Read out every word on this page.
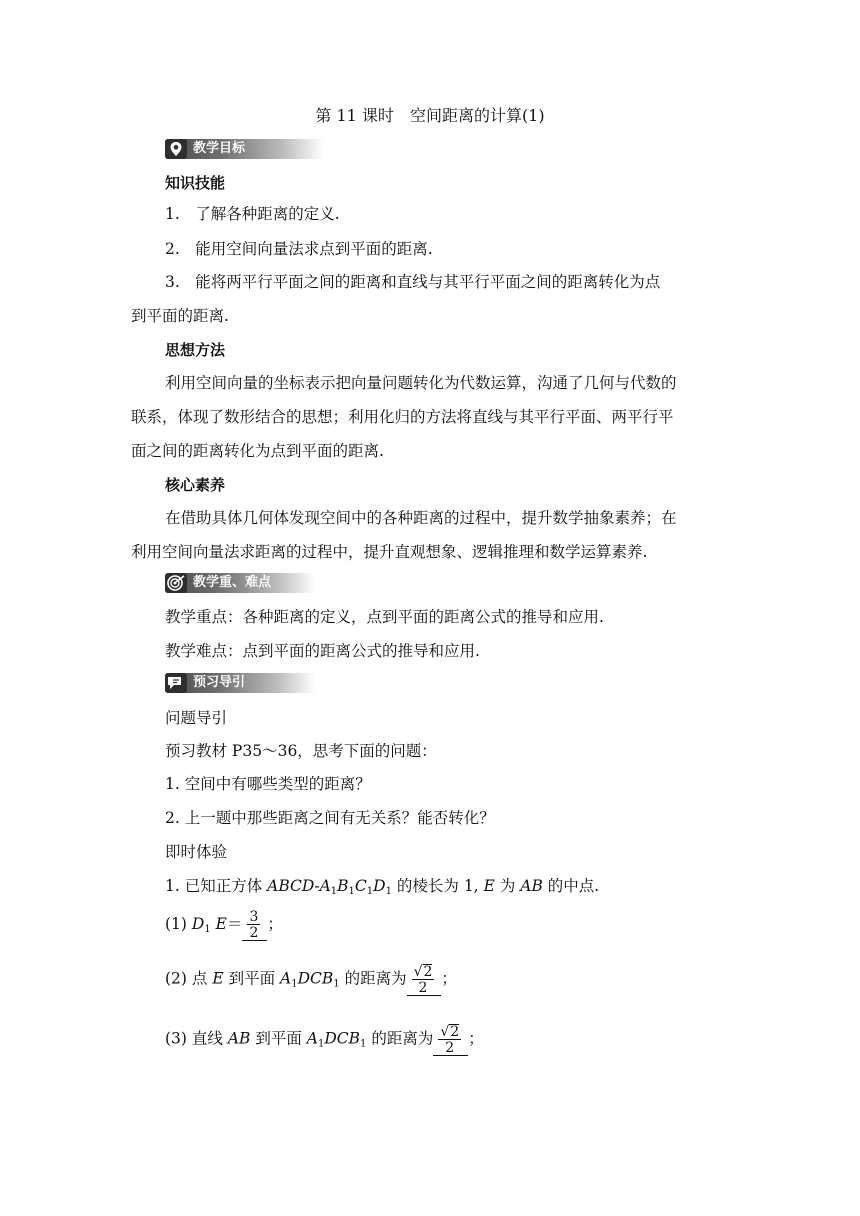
第 11 课时 空间距离的计算(1)
教学目标
知识技能
1.　了解各种距离的定义.
2.　能用空间向量法求点到平面的距离.
3.　能将两平行平面之间的距离和直线与其平行平面之间的距离转化为点
到平面的距离.
思想方法
利用空间向量的坐标表示把向量问题转化为代数运算，沟通了几何与代数的
联系，体现了数形结合的思想；利用化归的方法将直线与其平行平面、两平行平
面之间的距离转化为点到平面的距离.
核心素养
在借助具体几何体发现空间中的各种距离的过程中，提升数学抽象素养；在
利用空间向量法求距离的过程中，提升直观想象、逻辑推理和数学运算素养.
教学重、难点
教学重点：各种距离的定义，点到平面的距离公式的推导和应用.
教学难点：点到平面的距离公式的推导和应用.
预习导引
问题导引
预习教材 P35～36，思考下面的问题：
1. 空间中有哪些类型的距离？
2. 上一题中那些距离之间有无关系？能否转化？
即时体验
1. 已知正方体 ABCD-$A_1B_1C_1D_1$ 的棱长为 1, E 为 AB 的中点.
(1) $D_1$ $E= \frac{3}{2}$ ；
(2) 点 E 到平面 $A_1DCB_1$ 的距离为 $\frac{√2}{2}$ ；
(3) 直线 AB 到平面 $A_1DCB_1$ 的距离为 $\frac{√2}{2}$ ；
